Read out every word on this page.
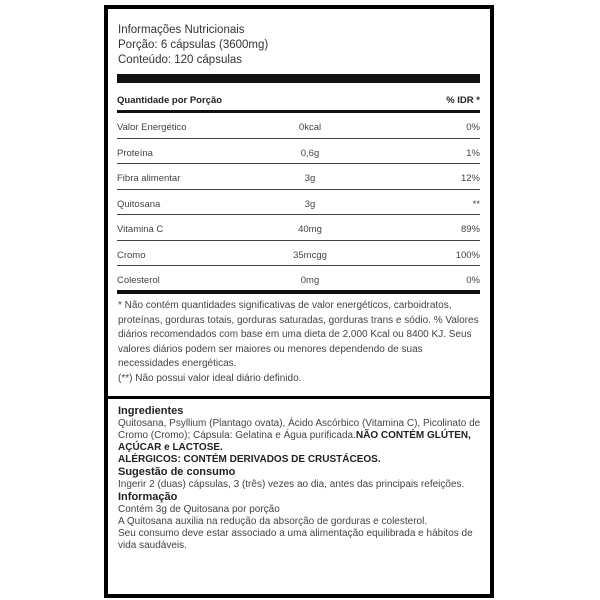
Informações Nutricionais
Porção: 6 cápsulas (3600mg)
Conteúdo: 120 cápsulas
Quantidade por Porção	% IDR *
Valor Energético	0kcal	0%
Proteína	0,6g	1%
Fibra alimentar	3g	12%
Quitosana	3g	**
Vitamina C	40mg	89%
Cromo	35mcgg	100%
Colesterol	0mg	0%
* Não contém quantidades significativas de valor energéticos, carboidratos, proteínas, gorduras totais, gorduras saturadas, gorduras trans e sódio. % Valores diários recomendados com base em uma dieta de 2.000 Kcal ou 8400 KJ. Seus valores diários podem ser maiores ou menores dependendo de suas necessidades energéticas.
(**) Não possui valor ideal diário definido.
Ingredientes

Quitosana, Psyllium (Plantago ovata), Ácido Ascórbico (Vitamina C), Picolinato de Cromo (Cromo); Cápsula: Gelatina e Água purificada.NÃO CONTÉM GLÚTEN, AÇÚCAR e LACTOSE.

ALÉRGICOS: CONTÉM DERIVADOS DE CRUSTÁCEOS.

Sugestão de consumo

Ingerir 2 (duas) cápsulas, 3 (três) vezes ao dia, antes das principais refeições.

Informação

Contém 3g de Quitosana por porção

A Quitosana auxilia na redução da absorção de gorduras e colesterol.

Seu consumo deve estar associado a uma alimentação equilibrada e hábitos de vida saudáveis.
